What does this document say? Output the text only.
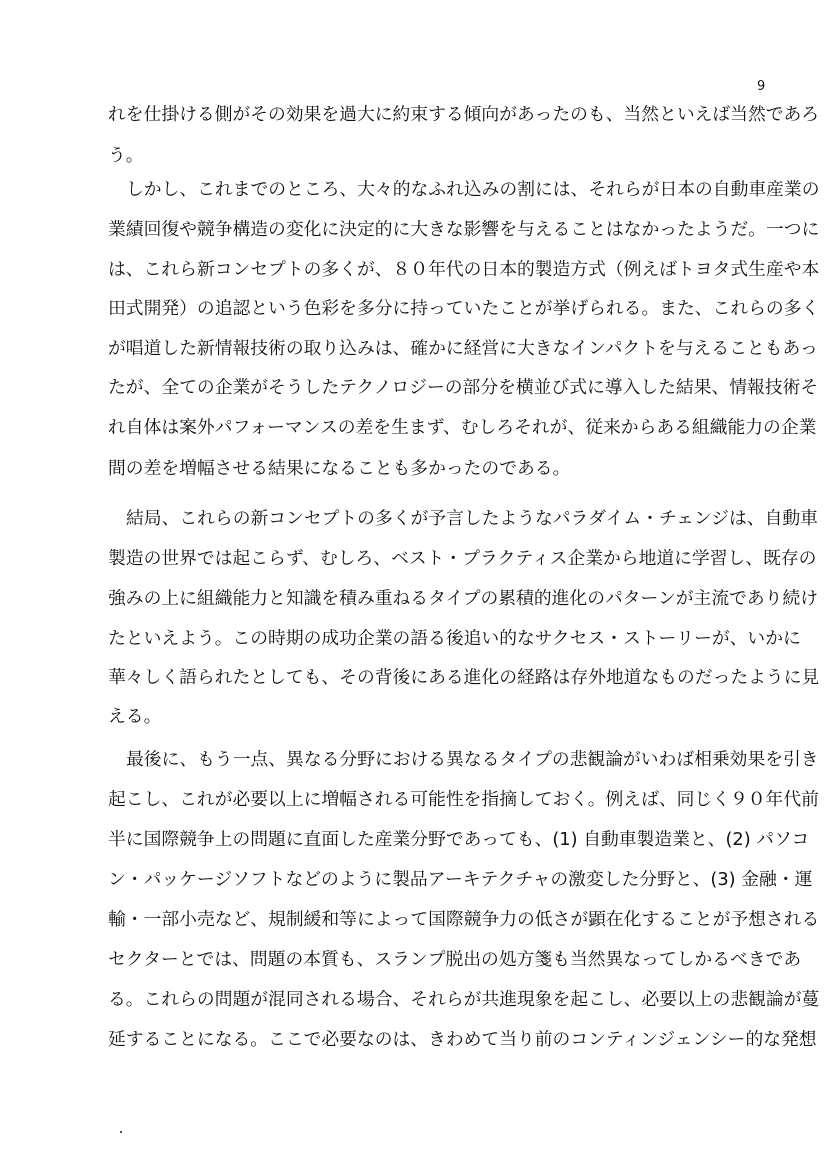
9
れを仕掛ける側がその効果を過大に約束する傾向があったのも、当然といえば当然であろ
う。
しかし、これまでのところ、大々的なふれ込みの割には、それらが日本の自動車産業の
業績回復や競争構造の変化に決定的に大きな影響を与えることはなかったようだ。一つに
は、これら新コンセプトの多くが、８０年代の日本的製造方式（例えばトヨタ式生産や本
田式開発）の追認という色彩を多分に持っていたことが挙げられる。また、これらの多く
が唱道した新情報技術の取り込みは、確かに経営に大きなインパクトを与えることもあっ
たが、全ての企業がそうしたテクノロジーの部分を横並び式に導入した結果、情報技術そ
れ自体は案外パフォーマンスの差を生まず、むしろそれが、従来からある組織能力の企業
間の差を増幅させる結果になることも多かったのである。
結局、これらの新コンセプトの多くが予言したようなパラダイム・チェンジは、自動車
製造の世界では起こらず、むしろ、ベスト・プラクティス企業から地道に学習し、既存の
強みの上に組織能力と知識を積み重ねるタイプの累積的進化のパターンが主流であり続け
たといえよう。この時期の成功企業の語る後追い的なサクセス・ストーリーが、いかに
華々しく語られたとしても、その背後にある進化の経路は存外地道なものだったように見
える。
最後に、もう一点、異なる分野における異なるタイプの悲観論がいわば相乗効果を引き
起こし、これが必要以上に増幅される可能性を指摘しておく。例えば、同じく９０年代前
半に国際競争上の問題に直面した産業分野であっても、(1) 自動車製造業と、(2) パソコ
ン・パッケージソフトなどのように製品アーキテクチャの激変した分野と、(3) 金融・運
輸・一部小売など、規制緩和等によって国際競争力の低さが顕在化することが予想される
セクターとでは、問題の本質も、スランプ脱出の処方箋も当然異なってしかるべきであ
る。これらの問題が混同される場合、それらが共進現象を起こし、必要以上の悲観論が蔓
延することになる。ここで必要なのは、きわめて当り前のコンティンジェンシー的な発想
